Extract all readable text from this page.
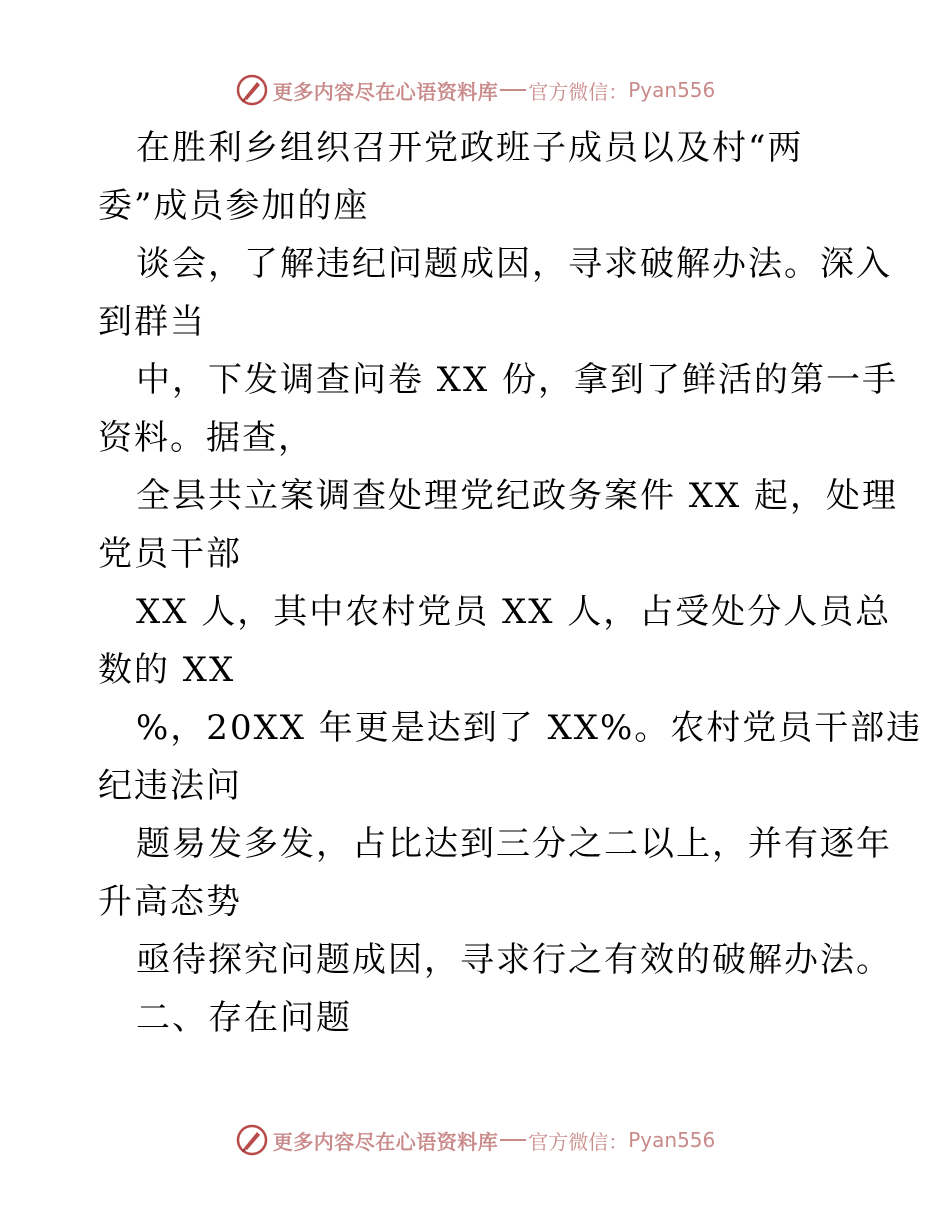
更多内容尽在心语资料库 官方微信： Pyan556
在胜利乡组织召开党政班子成员以及村“两
委”成员参加的座
谈会，了解违纪问题成因，寻求破解办法。深入
到群当
中，下发调查问卷 XX 份，拿到了鲜活的第一手
资料。据查，
全县共立案调查处理党纪政务案件 XX 起，处理
党员干部
XX 人，其中农村党员 XX 人，占受处分人员总
数的 XX
%，20XX 年更是达到了 XX%。农村党员干部违
纪违法问
题易发多发，占比达到三分之二以上，并有逐年
升高态势
亟待探究问题成因，寻求行之有效的破解办法。
二、存在问题
更多内容尽在心语资料库 官方微信： Pyan556
